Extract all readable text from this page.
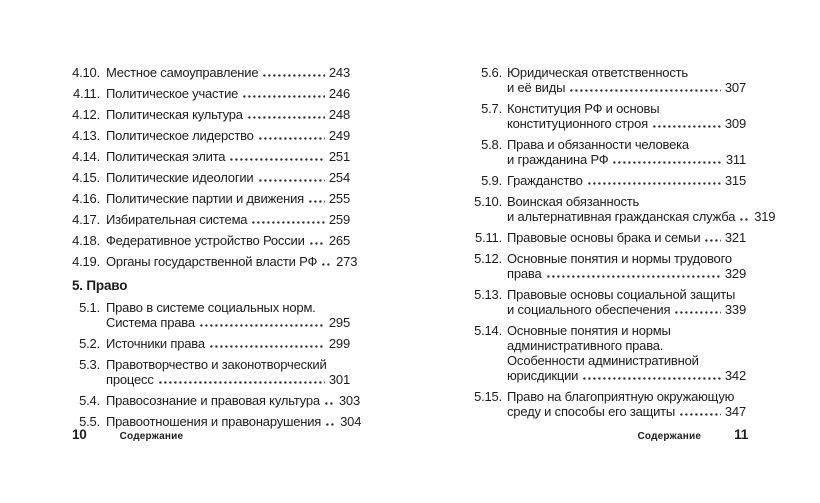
4.10. Местное самоуправление	243
4.11. Политическое участие	246
4.12. Политическая культура	248
4.13. Политическое лидерство	249
4.14. Политическая элита	251
4.15. Политические идеологии	254
4.16. Политические партии и движения 255
4.17. Избирательная система	259
4.18. Федеративное устройство России 265
4.19. Органы государственной власти РФ 273
5. Право
5.1. Право в системе социальных норм.
Система права	295
5.2. Источники права	299
5.3. Правотворчество и законотворческий
процесс	301
5.4. Правосознание и правовая культура 303
5.5. Правоотношения и правонарушения 304
5.6. Юридическая ответственность
и её виды	307
5.7. Конституция РФ и основы
конституционного строя	309
5.8. Права и обязанности человека
и гражданина РФ	311
5.9. Гражданство	315
5.10. Воинская обязанность
и альтернативная гражданская служба 319
5.11. Правовые основы брака и семьи 321
5.12. Основные понятия и нормы трудового
права	329
5.13. Правовые основы социальной защиты
и социального обеспечения	339
5.14. Основные понятия и нормы
административного права.
Особенности административной
юрисдикции	342
5.15. Право на благоприятную окружающую
среду и способы его защиты	347
10	Содержание	Содержание 11
